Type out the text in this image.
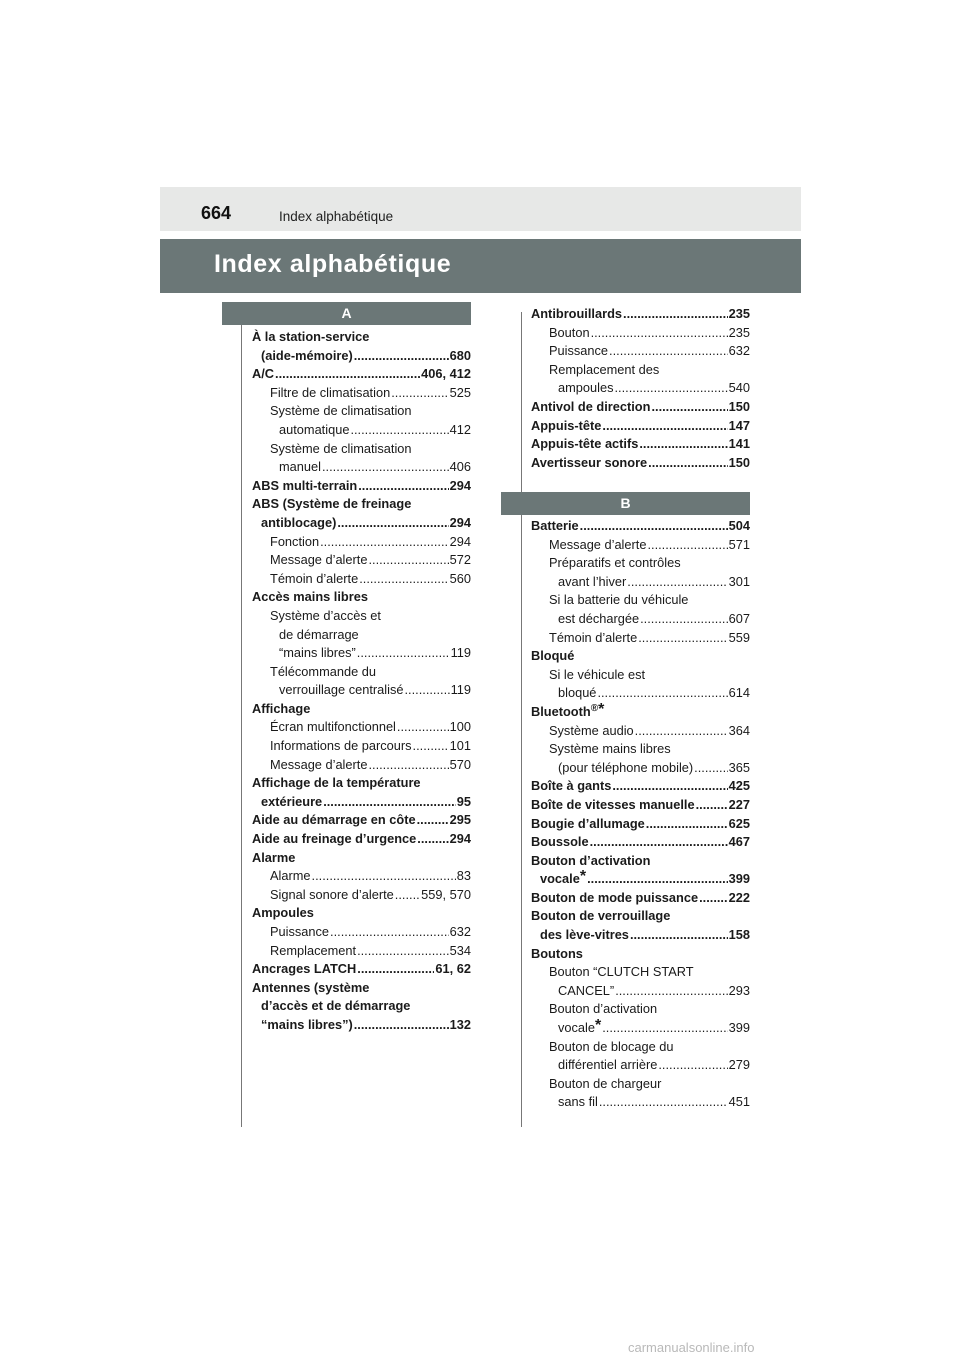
664	Index alphabétique
Index alphabétique
A
B
À la station-service
(aide-mémoire) .....	680
A/C .....	406, 412
Filtre de climatisation .....	525
Système de climatisation
automatique .....	412
Système de climatisation
manuel .....	406
ABS multi-terrain .....	294
ABS (Système de freinage
antiblocage) .....	294
Fonction .....	294
Message d’alerte .....	572
Témoin d’alerte .....	560
Accès mains libres
Système d’accès et
de démarrage
“mains libres” .....	119
Télécommande du
verrouillage centralisé .....	119
Affichage
Écran multifonctionnel .....	100
Informations de parcours .....	101
Message d’alerte .....	570
Affichage de la température
extérieure .....	95
Aide au démarrage en côte .....	295
Aide au freinage d’urgence .....	294
Alarme
Alarme .....	83
Signal sonore d’alerte ..... 559, 570
Ampoules
Puissance .....	632
Remplacement .....	534
Ancrages LATCH .....	61, 62
Antennes (système
d’accès et de démarrage
“mains libres”) .....	132
Antibrouillards .....	235
Bouton .....	235
Puissance .....	632
Remplacement des
ampoules .....	540
Antivol de direction .....	150
Appuis-tête .....	147
Appuis-tête actifs .....	141
Avertisseur sonore .....	150
Batterie .....	504
Message d’alerte .....	571
Préparatifs et contrôles
avant l’hiver .....	301
Si la batterie du véhicule
est déchargée .....	607
Témoin d’alerte .....	559
Bloqué
Si le véhicule est
bloqué .....	614
Bluetooth®*
Système audio .....	364
Système mains libres
(pour téléphone mobile) .....	365
Boîte à gants .....	425
Boîte de vitesses manuelle .....	227
Bougie d’allumage .....	625
Boussole .....	467
Bouton d’activation
vocale* .....	399
Bouton de mode puissance ..... 222
Bouton de verrouillage
des lève-vitres .....	158
Boutons
Bouton “CLUTCH START
CANCEL” .....	293
Bouton d’activation
vocale* .....	399
Bouton de blocage du
différentiel arrière .....	279
Bouton de chargeur
sans fil .....	451
carmanualsonline.info
